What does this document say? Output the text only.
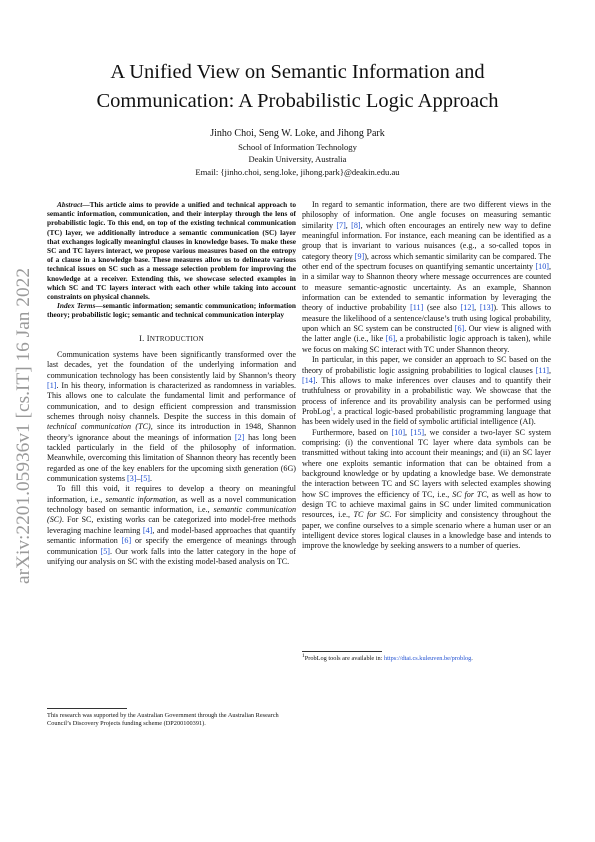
arXiv:2201.05936v1 [cs.IT] 16 Jan 2022
A Unified View on Semantic Information and
Communication: A Probabilistic Logic Approach
Jinho Choi, Seng W. Loke, and Jihong Park
School of Information Technology
Deakin University, Australia
Email: {jinho.choi, seng.loke, jihong.park}@deakin.edu.au

Abstract—This article aims to provide a unified and technical approach to semantic information, communication, and their interplay through the lens of probabilistic logic. To this end, on top of the existing technical communication (TC) layer, we additionally introduce a semantic communication (SC) layer that exchanges logically meaningful clauses in knowledge bases. To make these SC and TC layers interact, we propose various measures based on the entropy of a clause in a knowledge base. These measures allow us to delineate various technical issues on SC such as a message selection problem for improving the knowledge at a receiver. Extending this, we showcase selected examples in which SC and TC layers interact with each other while taking into account constraints on physical channels.

Index Terms—semantic information; semantic communication; information theory; probabilistic logic; semantic and technical communication interplay

I. INTRODUCTION

Communication systems have been significantly transformed over the last decades, yet the foundation of the underlying information and communication technology has been consistently laid by Shannon’s theory [1]. In his theory, information is characterized as randomness in variables. This allows one to calculate the fundamental limit and performance of communication, and to design efficient compression and transmission schemes through noisy channels. Despite the success in this domain of technical communication (TC), since its introduction in 1948, Shannon theory’s ignorance about the meanings of information [2] has long been tackled particularly in the field of the philosophy of information. Meanwhile, overcoming this limitation of Shannon theory has recently been regarded as one of the key enablers for the upcoming sixth generation (6G) communication systems [3]–[5].

To fill this void, it requires to develop a theory on meaningful information, i.e., semantic information, as well as a novel communication technology based on semantic information, i.e., semantic communication (SC). For SC, existing works can be categorized into model-free methods leveraging machine learning [4], and model-based approaches that quantify semantic information [6] or specify the emergence of meanings through communication [5]. Our work falls into the latter category in the hope of unifying our analysis on SC with the existing model-based analysis on TC.

This research was supported by the Australian Government through the Australian Research Council’s Discovery Projects funding scheme (DP200100391).

In regard to semantic information, there are two different views in the philosophy of information. One angle focuses on measuring semantic similarity [7], [8], which often encourages an entirely new way to define meaningful information. For instance, each meaning can be identified as a group that is invariant to various nuisances (e.g., a so-called topos in category theory [9]), across which semantic similarity can be compared. The other end of the spectrum focuses on quantifying semantic uncertainty [10], in a similar way to Shannon theory where message occurrences are counted to measure semantic-agnostic uncertainty. As an example, Shannon information can be extended to semantic information by leveraging the theory of inductive probability [11] (see also [12], [13]). This allows to measure the likelihood of a sentence/clause’s truth using logical probability, upon which an SC system can be constructed [6]. Our view is aligned with the latter angle (i.e., like [6], a probabilistic logic approach is taken), while we focus on making SC interact with TC under Shannon theory.

In particular, in this paper, we consider an approach to SC based on the theory of probabilistic logic assigning probabilities to logical clauses [11], [14]. This allows to make inferences over clauses and to quantify their truthfulness or provability in a probabilistic way. We showcase that the process of inference and its provability analysis can be performed using ProbLog$^1$, a practical logic-based probabilistic programming language that has been widely used in the field of symbolic artificial intelligence (AI).

Furthermore, based on [10], [15], we consider a two-layer SC system comprising: (i) the conventional TC layer where data symbols can be transmitted without taking into account their meanings; and (ii) an SC layer where one exploits semantic information that can be obtained from a background knowledge or by updating a knowledge base. We demonstrate the interaction between TC and SC layers with selected examples showing how SC improves the efficiency of TC, i.e., SC for TC, as well as how to design TC to achieve maximal gains in SC under limited communication resources, i.e., TC for SC. For simplicity and consistency throughout the paper, we confine ourselves to a simple scenario where a human user or an intelligent device stores logical clauses in a knowledge base and intends to improve the knowledge by seeking answers to a number of queries.

$^1$ProbLog tools are available in: https://dtai.cs.kuleuven.be/problog.
